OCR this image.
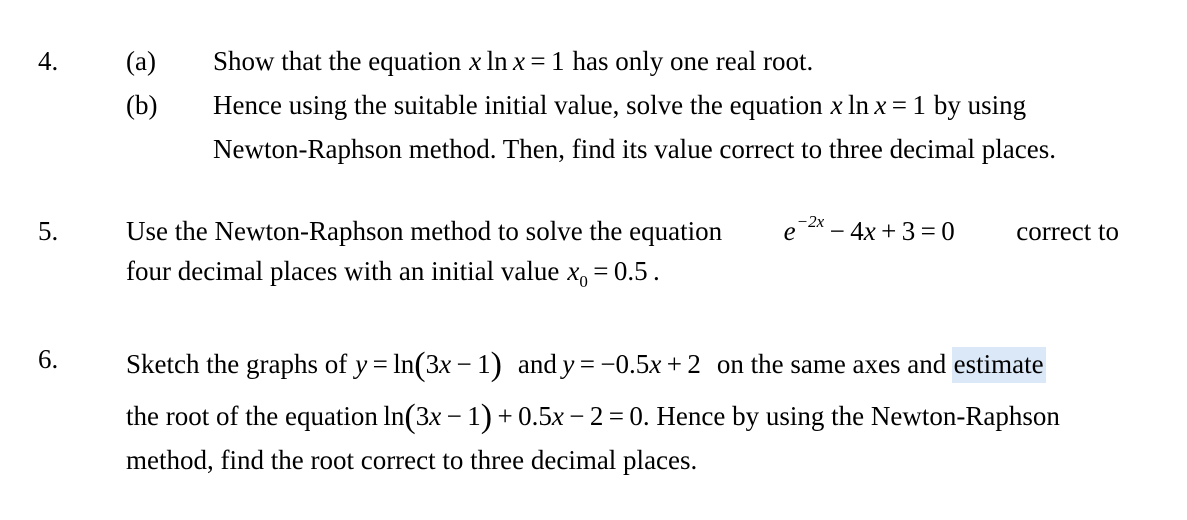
4.	(a) Show that the equation x ln x = 1 has only one real root.
(b) Hence using the suitable initial value, solve the equation x ln x = 1 by using
Newton-Raphson method. Then, find its value correct to three decimal places.
5.	Use the Newton-Raphson method to solve the equation $e^{-2x} - 4x + 3 = 0$ correct to
four decimal places with an initial value $x_0 = 0.5$ .
6.	Sketch the graphs of y = ln(3x − 1) and  y = −0.5x + 2 on the same axes and  estimate
the root of the equation ln(3x − 1) + 0.5x − 2 = 0. Hence by using the Newton-Raphson
method, find the root correct to three decimal places.
